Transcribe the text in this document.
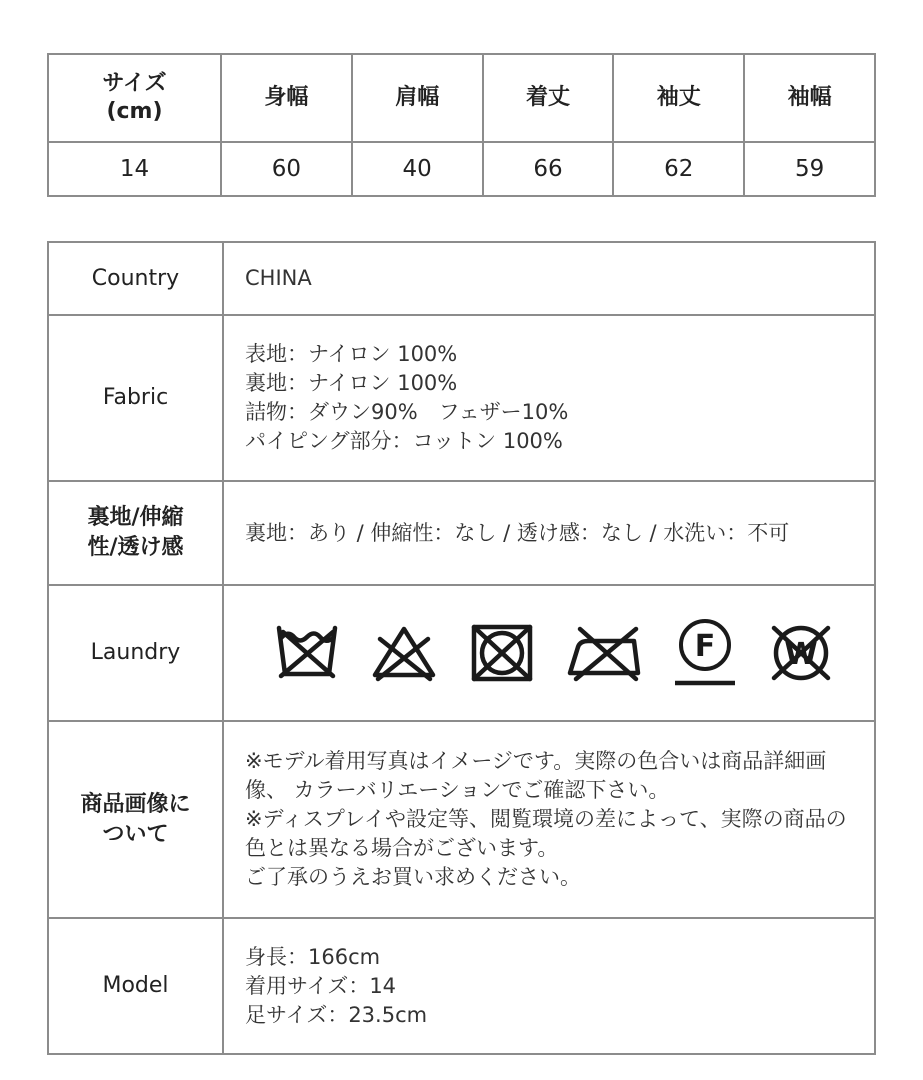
サイズ
(cm)	身幅	肩幅	着丈	袖丈	袖幅
14	60	40	66	62	59
Country	CHINA
Fabric	表地：ナイロン 100%
裏地：ナイロン 100%
詰物：ダウン90%　フェザー10%
パイピング部分：コットン 100%

裏地/伸縮
性/透け感	裏地：あり / 伸縮性：なし / 透け感：なし / 水洗い：不可
Laundry	F W

商品画像に
ついて	※モデル着用写真はイメージです。実際の色合いは商品詳細画像、 カラーバリエーションでご確認下さい。
※ディスプレイや設定等、閲覧環境の差によって、実際の商品の色とは異なる場合がございます。
ご了承のうえお買い求めください。

Model	身長：166cm
着用サイズ：14
足サイズ：23.5cm
